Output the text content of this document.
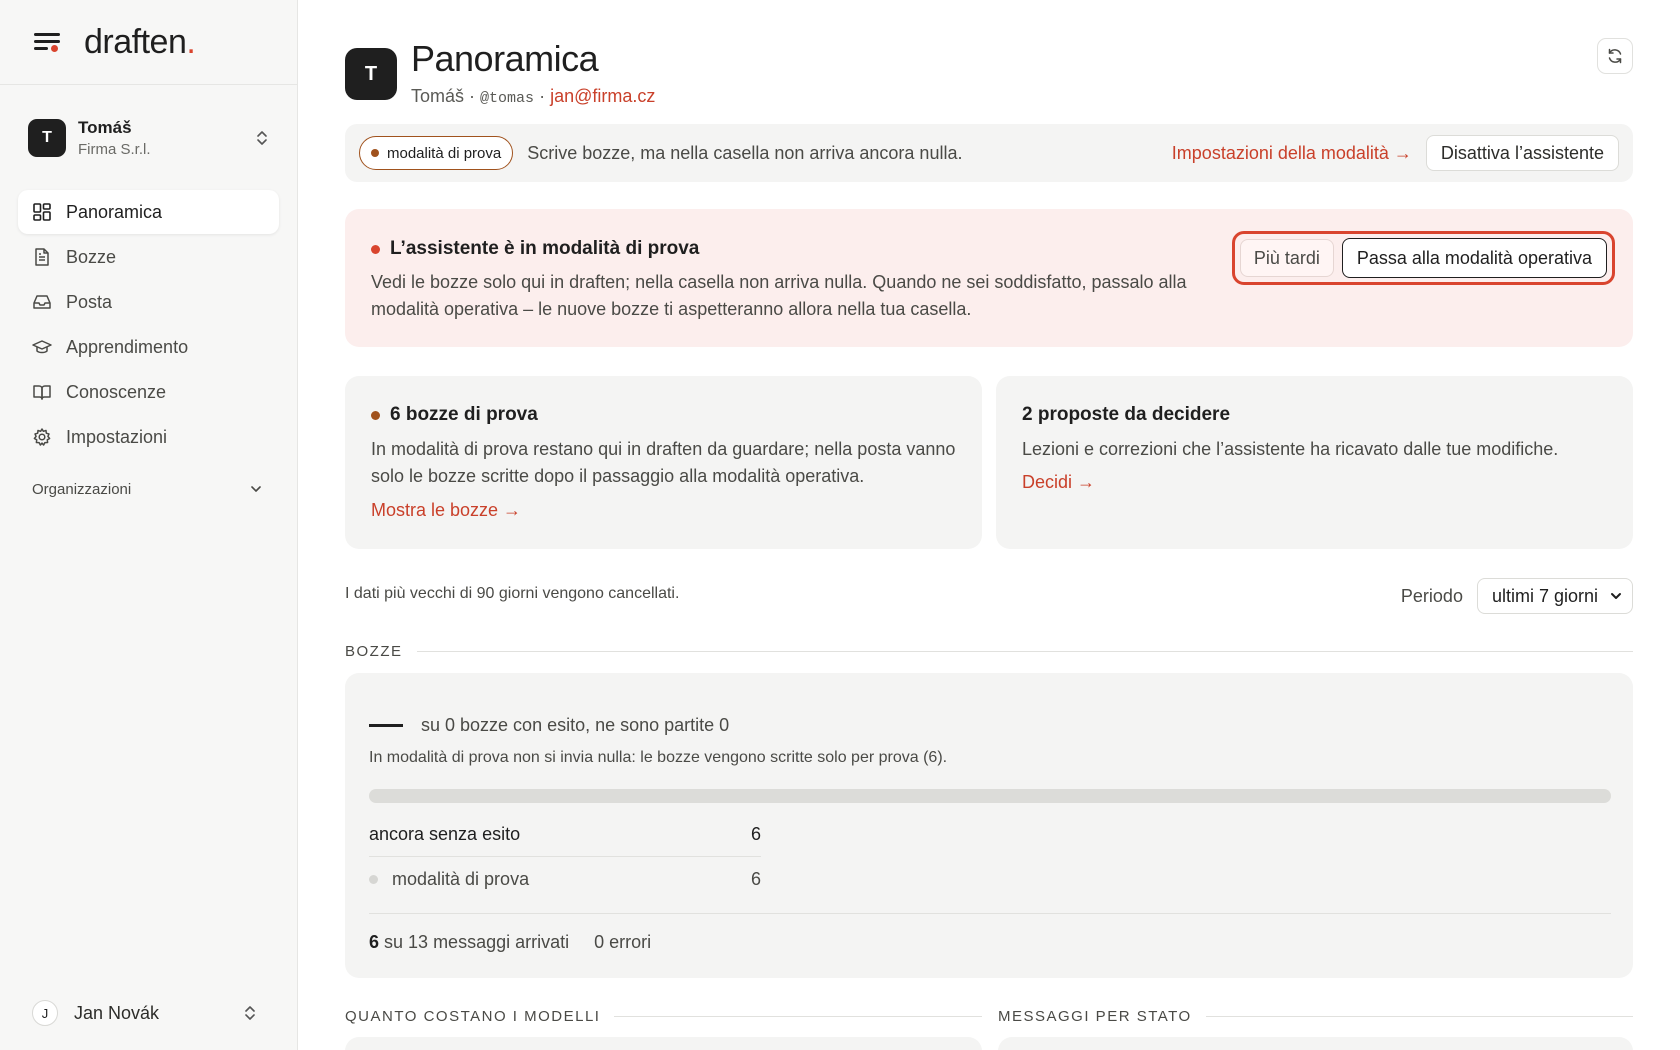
draften.
T
Tomáš
Firma S.r.l.
Panoramica
Bozze
Posta
Apprendimento
Conoscenze
Impostazioni
Organizzazioni
J	Jan Novák
T Panoramica
Tomáš · @tomas · jan@firma.cz
modalità di prova Scrive bozze, ma nella casella non arriva ancora nulla.	Impostazioni della modalità →	Disattiva l’assistente
L’assistente è in modalità di prova
Vedi le bozze solo qui in draften; nella casella non arriva nulla. Quando ne sei soddisfatto, passalo alla modalità operativa – le nuove bozze ti aspetteranno allora nella tua casella.
Più tardi	Passa alla modalità operativa
6 bozze di prova
In modalità di prova restano qui in draften da guardare; nella posta vanno solo le bozze scritte dopo il passaggio alla modalità operativa.
Mostra le bozze →
2 proposte da decidere
Lezioni e correzioni che l’assistente ha ricavato dalle tue modifiche.
Decidi →
I dati più vecchi di 90 giorni vengono cancellati.	Periodo ultimi 7 giorni
BOZZE
su 0 bozze con esito, ne sono partite 0
In modalità di prova non si invia nulla: le bozze vengono scritte solo per prova (6).
ancora senza esito	6
modalità di prova	6
6 su 13 messaggi arrivati 0 errori
QUANTO COSTANO I MODELLI	MESSAGGI PER STATO
